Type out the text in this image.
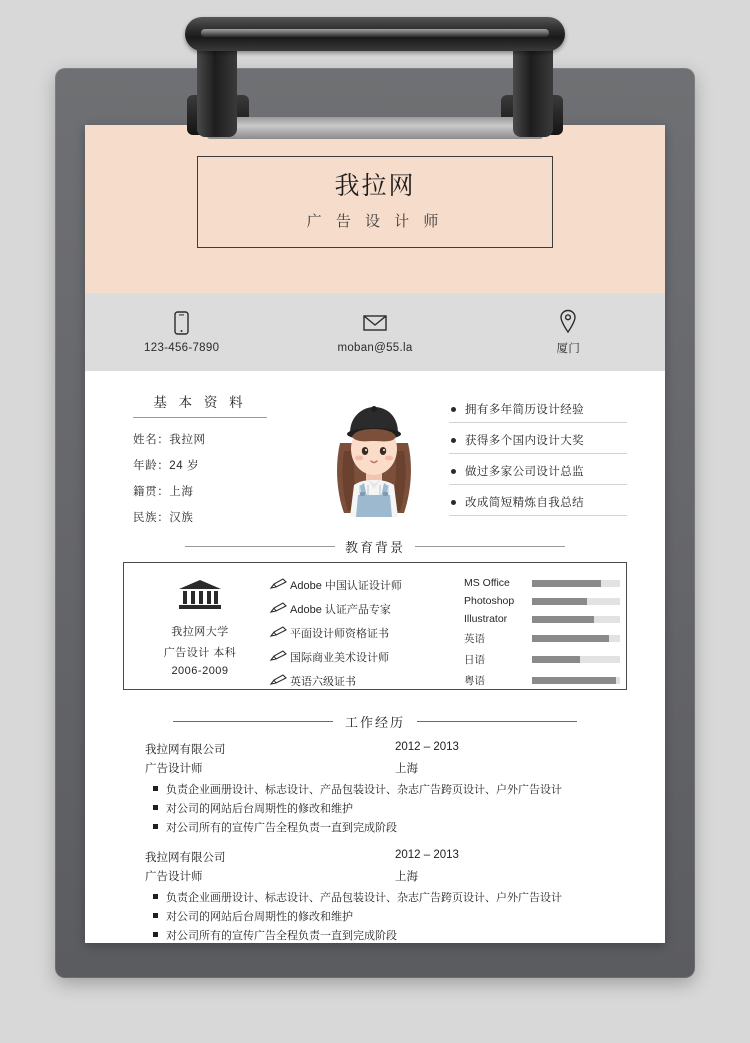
我拉网
广 告 设 计 师
123-456-7890	moban@55.la	厦门
基 本 资 料
姓名：我拉网
年龄：24 岁
籍贯：上海
民族：汉族
拥有多年简历设计经验
获得多个国内设计大奖
做过多家公司设计总监
改成简短精炼自我总结
教育背景
我拉网大学
广告设计 本科
2006-2009
Adobe 中国认证设计师
Adobe 认证产品专家
平面设计师资格证书
国际商业美术设计师
英语六级证书
MS Office
Photoshop
Illustrator
英语
日语
粤语
工作经历
我拉网有限公司	2012 – 2013
广告设计师	上海
负责企业画册设计、标志设计、产品包装设计、杂志广告跨页设计、户外广告设计
对公司的网站后台周期性的修改和维护
对公司所有的宣传广告全程负责一直到完成阶段
我拉网有限公司	2012 – 2013
广告设计师	上海
负责企业画册设计、标志设计、产品包装设计、杂志广告跨页设计、户外广告设计
对公司的网站后台周期性的修改和维护
对公司所有的宣传广告全程负责一直到完成阶段
